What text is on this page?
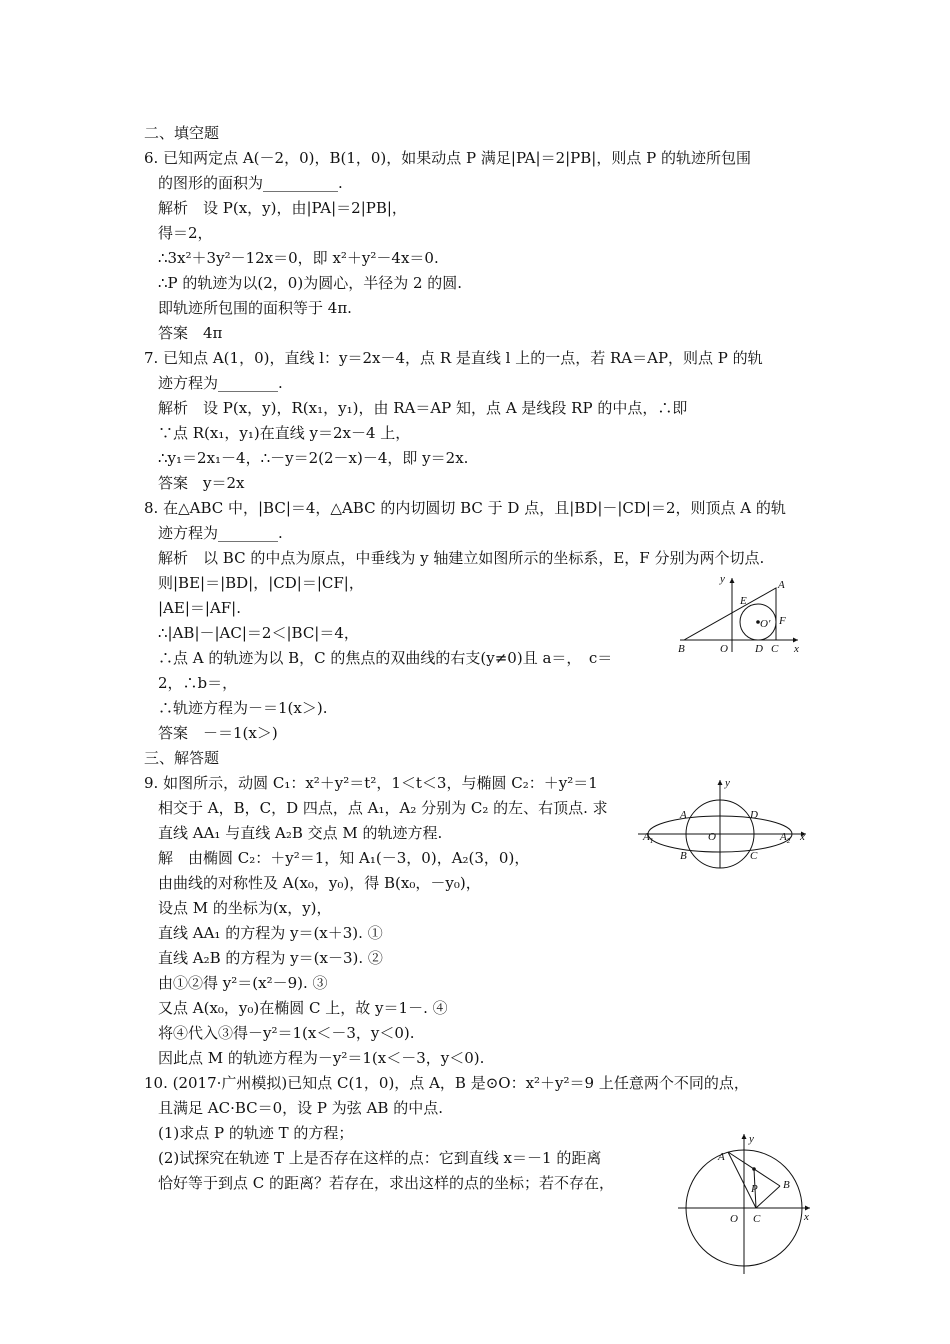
二、填空题
6. 已知两定点 A(－2，0)，B(1，0)，如果动点 P 满足|PA|＝2|PB|，则点 P 的轨迹所包围
的图形的面积为__________.
解析　设 P(x，y)，由|PA|＝2|PB|，
得＝2，
∴3x²＋3y²－12x＝0，即 x²＋y²－4x＝0.
∴P 的轨迹为以(2，0)为圆心，半径为 2 的圆.
即轨迹所包围的面积等于 4π.
答案　4π
7. 已知点 A(1，0)，直线 l：y＝2x－4，点 R 是直线 l 上的一点，若 RA＝AP，则点 P 的轨
迹方程为________.
解析　设 P(x，y)，R(x₁，y₁)，由 RA＝AP 知，点 A 是线段 RP 的中点，∴即
∵点 R(x₁，y₁)在直线 y＝2x－4 上，
∴y₁＝2x₁－4，∴－y＝2(2－x)－4，即 y＝2x.
答案　y＝2x
8. 在△ABC 中，|BC|＝4，△ABC 的内切圆切 BC 于 D 点，且|BD|－|CD|＝2，则顶点 A 的轨
迹方程为________.
解析　以 BC 的中点为原点，中垂线为 y 轴建立如图所示的坐标系，E，F 分别为两个切点.
则|BE|＝|BD|，|CD|＝|CF|，
|AE|＝|AF|.
∴|AB|－|AC|＝2＜|BC|＝4，
∴点 A 的轨迹为以 B，C 的焦点的双曲线的右支(y≠0)且 a＝，　c＝
2，∴b＝，
∴轨迹方程为－＝1(x＞).
答案　－＝1(x＞)
三、解答题
9. 如图所示，动圆 C₁：x²＋y²＝t²，1＜t＜3，与椭圆 C₂：＋y²＝1
相交于 A，B，C，D 四点，点 A₁，A₂ 分别为 C₂ 的左、右顶点. 求
直线 AA₁ 与直线 A₂B 交点 M 的轨迹方程.
解　由椭圆 C₂：＋y²＝1，知 A₁(－3，0)，A₂(3，0)，
由曲线的对称性及 A(x₀，y₀)，得 B(x₀，－y₀)，
设点 M 的坐标为(x，y)，
直线 AA₁ 的方程为 y＝(x＋3). ①
直线 A₂B 的方程为 y＝(x－3). ②
由①②得 y²＝(x²－9). ③
又点 A(x₀，y₀)在椭圆 C 上，故 y＝1－. ④
将④代入③得－y²＝1(x＜－3，y＜0).
因此点 M 的轨迹方程为－y²＝1(x＜－3，y＜0).
10. (2017·广州模拟)已知点 C(1，0)，点 A，B 是⊙O：x²＋y²＝9 上任意两个不同的点，
且满足 AC·BC＝0，设 P 为弦 AB 的中点.
(1)求点 P 的轨迹 T 的方程；
(2)试探究在轨迹 T 上是否存在这样的点：它到直线 x＝－1 的距离
恰好等于到点 C 的距离？若存在，求出这样的点的坐标；若不存在，
A
B	C
D
E
F
O
O′
x
y
A	D
B	C
$A_1$	$A_2$
O	x
y
A
B
C
P
O	x
y
